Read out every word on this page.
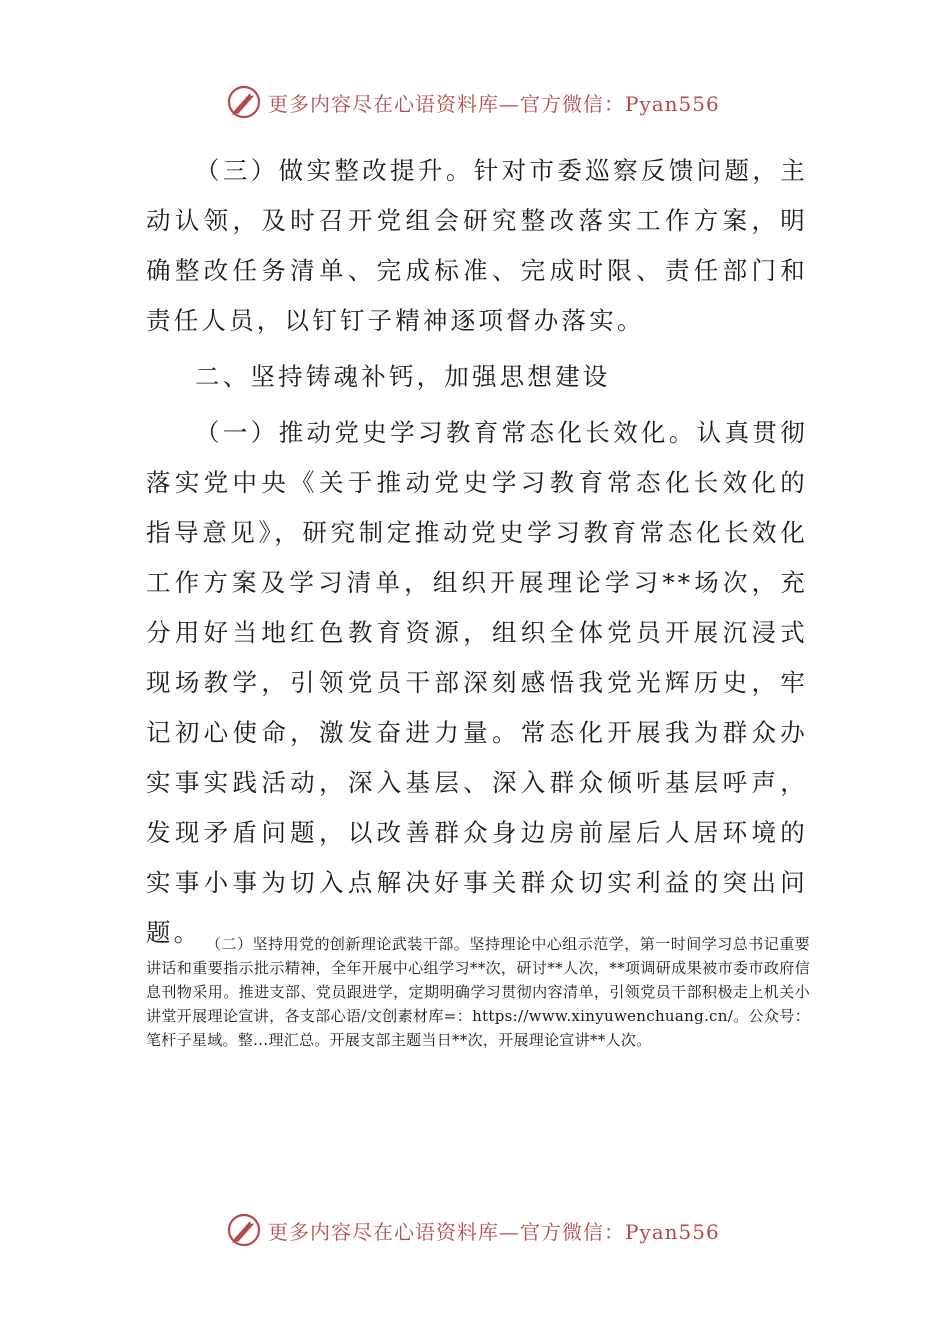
更多内容尽在心语资料库—官方微信：Pyan556

（三）做实整改提升。针对市委巡察反馈问题，主动认领，及时召开党组会研究整改落实工作方案，明确整改任务清单、完成标准、完成时限、责任部门和责任人员，以钉钉子精神逐项督办落实。

二、坚持铸魂补钙，加强思想建设

（一）推动党史学习教育常态化长效化。认真贯彻落实党中央《关于推动党史学习教育常态化长效化的指导意见》，研究制定推动党史学习教育常态化长效化工作方案及学习清单，组织开展理论学习**场次，充分用好当地红色教育资源，组织全体党员开展沉浸式现场教学，引领党员干部深刻感悟我党光辉历史，牢记初心使命，激发奋进力量。常态化开展我为群众办实事实践活动，深入基层、深入群众倾听基层呼声，发现矛盾问题，以改善群众身边房前屋后人居环境的实事小事为切入点解决好事关群众切实利益的突出问题。 （二）坚持用党的创新理论武装干部。坚持理论中心组示范学，第一时间学习总书记重要讲话和重要指示批示精神，全年开展中心组学习**次，研讨**人次，**项调研成果被市委市政府信息刊物采用。推进支部、党员跟进学，定期明确学习贯彻内容清单，引领党员干部积极走上机关小讲堂开展理论宣讲，各支部心语/文创素材库=：https://www.xinyuwenchuang.cn/。公众号：笔杆子星域。整…理汇总。开展支部主题当日**次，开展理论宣讲**人次。

更多内容尽在心语资料库—官方微信：Pyan556
